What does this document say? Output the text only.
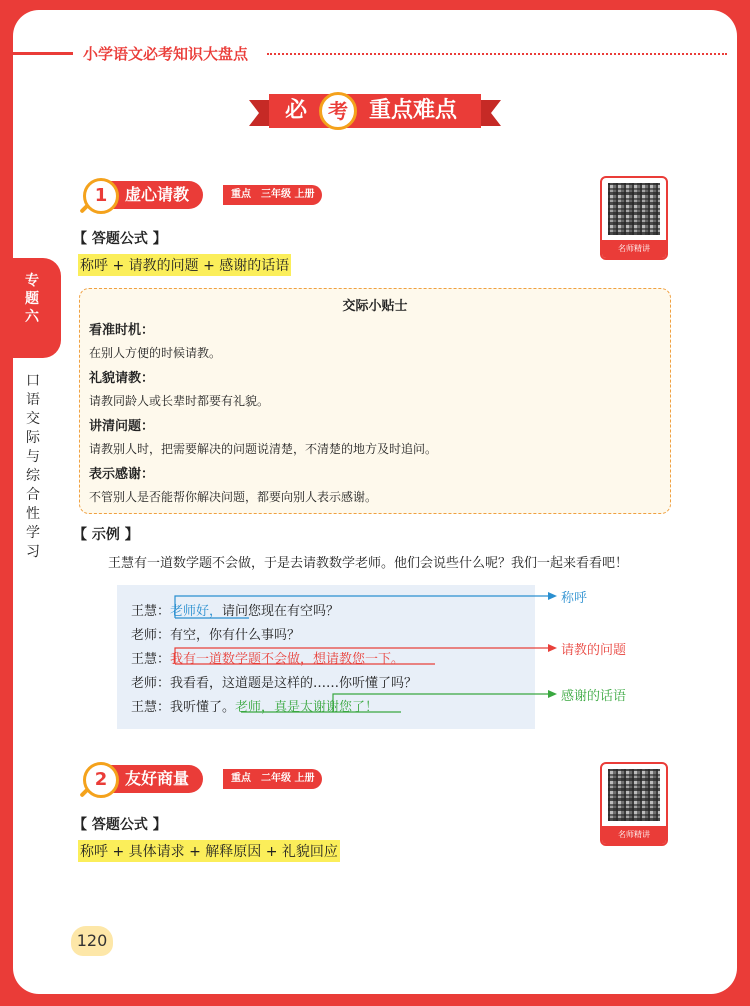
小学语文必考知识大盘点
必	考 重点难点
专题六
口语交际与综合性学习
虚心请教
1	重点　三年级 上册
名师精讲
【 答题公式 】
称呼 + 请教的问题 + 感谢的话语
交际小贴士
看准时机：
在别人方便的时候请教。
礼貌请教：
请教同龄人或长辈时都要有礼貌。
讲清问题：
请教别人时，把需要解决的问题说清楚，不清楚的地方及时追问。
表示感谢：
不管别人是否能帮你解决问题，都要向别人表示感谢。
【 示例 】
王慧有一道数学题不会做，于是去请教数学老师。他们会说些什么呢？我们一起来看看吧！
王慧：老师好，请问您现在有空吗？
老师：有空，你有什么事吗？
王慧：我有一道数学题不会做，想请教您一下。
老师：我看看，这道题是这样的……你听懂了吗？
王慧：我听懂了。老师，真是太谢谢您了！
称呼
请教的问题
感谢的话语
友好商量
2	重点　二年级 上册
名师精讲
【 答题公式 】
称呼 + 具体请求 + 解释原因 + 礼貌回应
120
